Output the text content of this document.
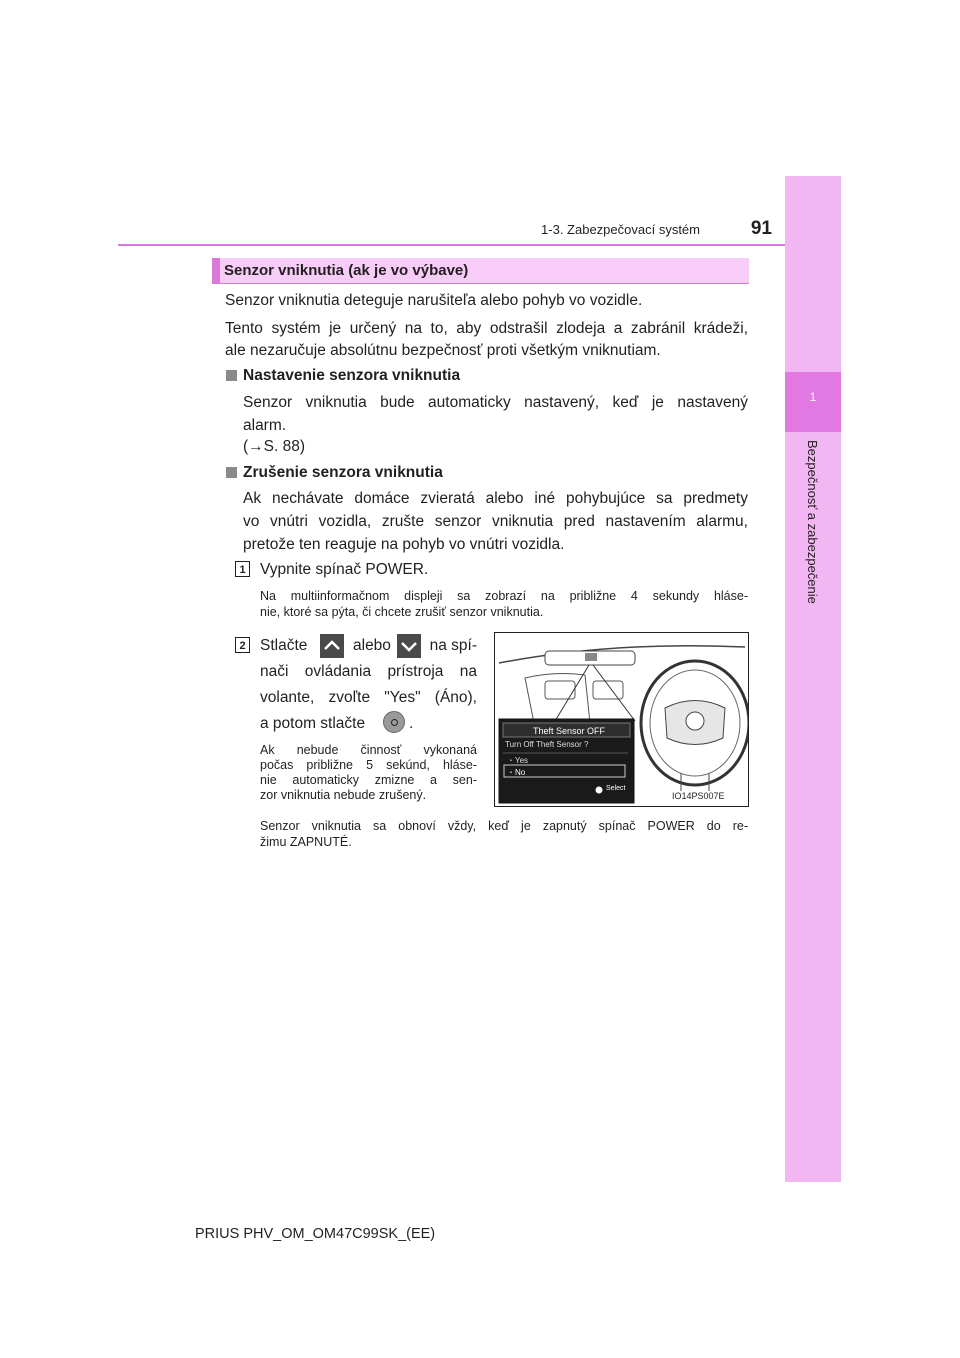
1
Bezpečnosť a zabezpečenie
1-3. Zabezpečovací systém	91
Senzor vniknutia (ak je vo výbave)
Senzor vniknutia deteguje narušiteľa alebo pohyb vo vozidle.
Tento systém je určený na to, aby odstrašil zlodeja a zabránil krádeži,
ale nezaručuje absolútnu bezpečnosť proti všetkým vniknutiam.
Nastavenie senzora vniknutia
Senzor vniknutia bude automaticky nastavený, keď je nastavený
alarm.
(→S. 88)
Zrušenie senzora vniknutia
Ak nechávate domáce zvieratá alebo iné pohybujúce sa predmety
vo vnútri vozidla, zrušte senzor vniknutia pred nastavením alarmu,
pretože ten reaguje na pohyb vo vnútri vozidla.
1 Vypnite spínač POWER.
Na multiinformačnom displeji sa zobrazí na približne 4 sekundy hláse-
nie, ktoré sa pýta, či chcete zrušiť senzor vniknutia.
2 Stlačte	alebo na spí-
nači ovládania prístroja na
volante, zvoľte "Yes" (Áno),
a potom stlačte	.
Ak nebude činnosť vykonaná
počas približne 5 sekúnd, hláse-
nie automaticky zmizne a sen-
zor vniknutia nebude zrušený.
Theft Sensor OFF
Turn Off Theft Sensor ?
・Yes
・No
Select
IO14PS007E
Senzor vniknutia sa obnoví vždy, keď je zapnutý spínač POWER do re-
žimu ZAPNUTÉ.
PRIUS PHV_OM_OM47C99SK_(EE)
